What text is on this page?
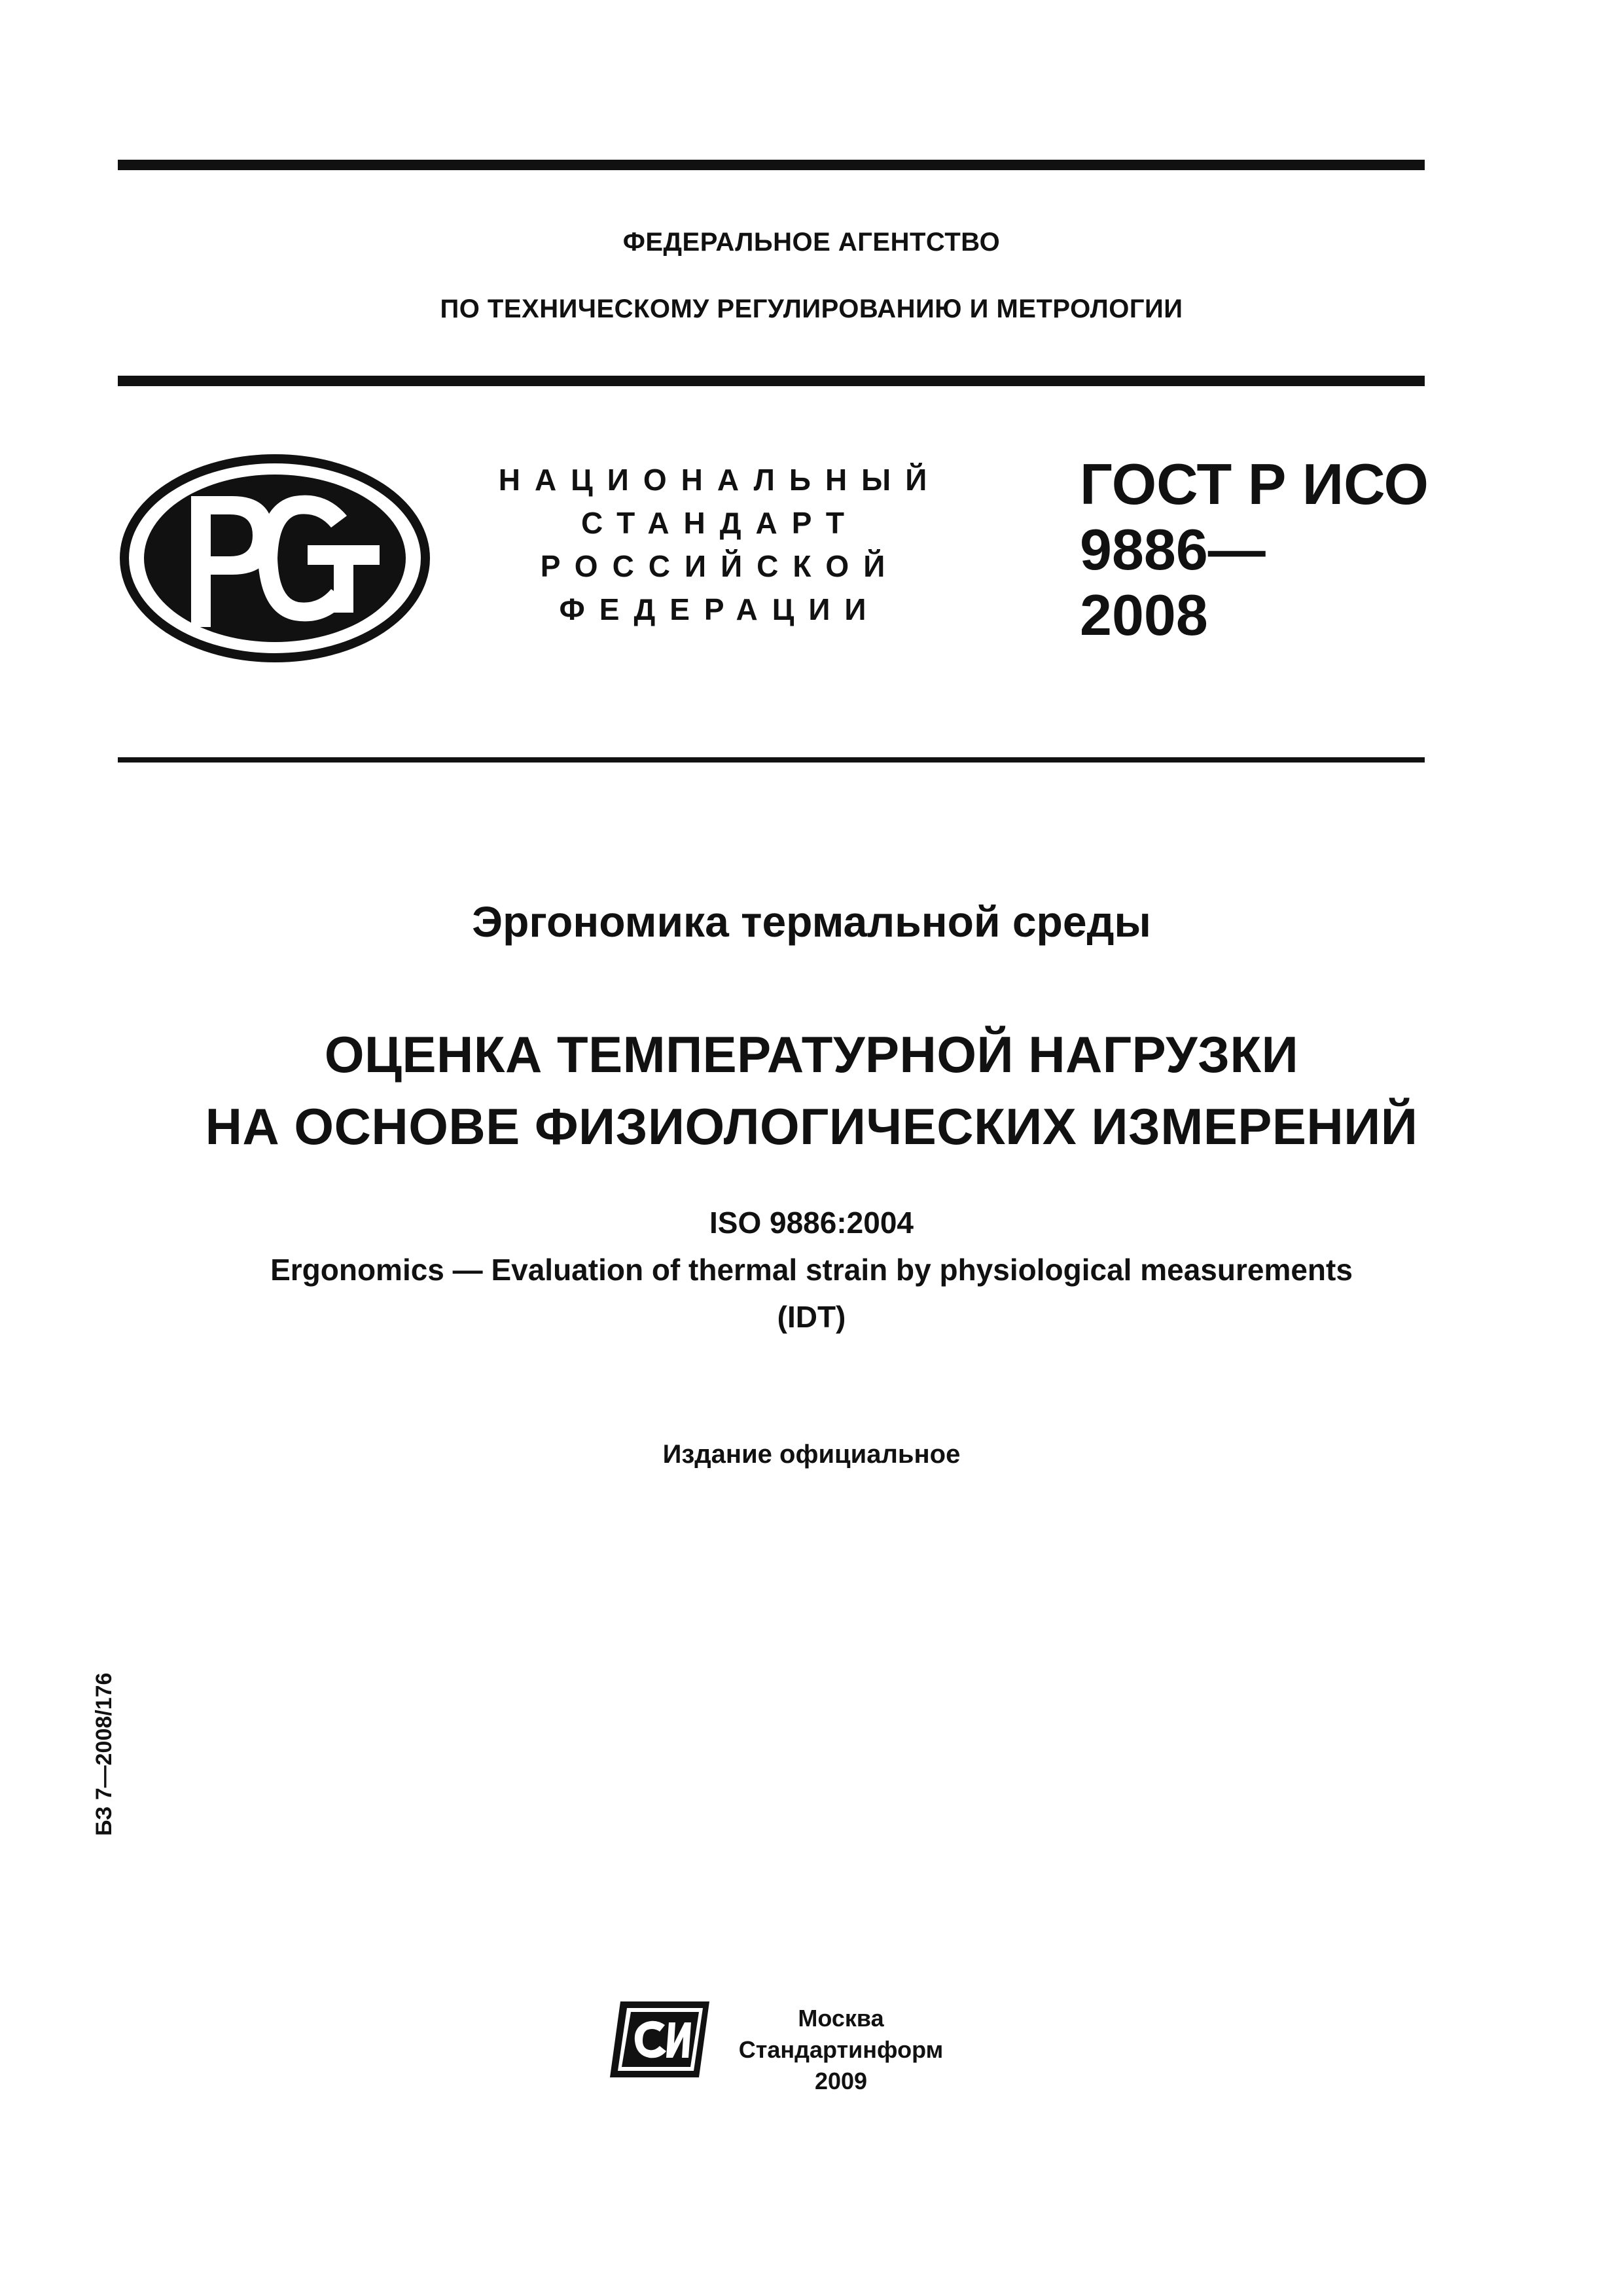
ФЕДЕРАЛЬНОЕ АГЕНТСТВО
ПО ТЕХНИЧЕСКОМУ РЕГУЛИРОВАНИЮ И МЕТРОЛОГИИ
НАЦИОНАЛЬНЫЙ
СТАНДАРТ
РОССИЙСКОЙ
ФЕДЕРАЦИИ
ГОСТ Р ИСО
9886—
2008
Эргономика термальной среды
ОЦЕНКА ТЕМПЕРАТУРНОЙ НАГРУЗКИ
НА ОСНОВЕ ФИЗИОЛОГИЧЕСКИХ ИЗМЕРЕНИЙ
ISO 9886:2004
Ergonomics — Evaluation of thermal strain by physiological measurements
(IDT)
Издание официальное
БЗ 7—2008/176
Москва
Стандартинформ
2009
